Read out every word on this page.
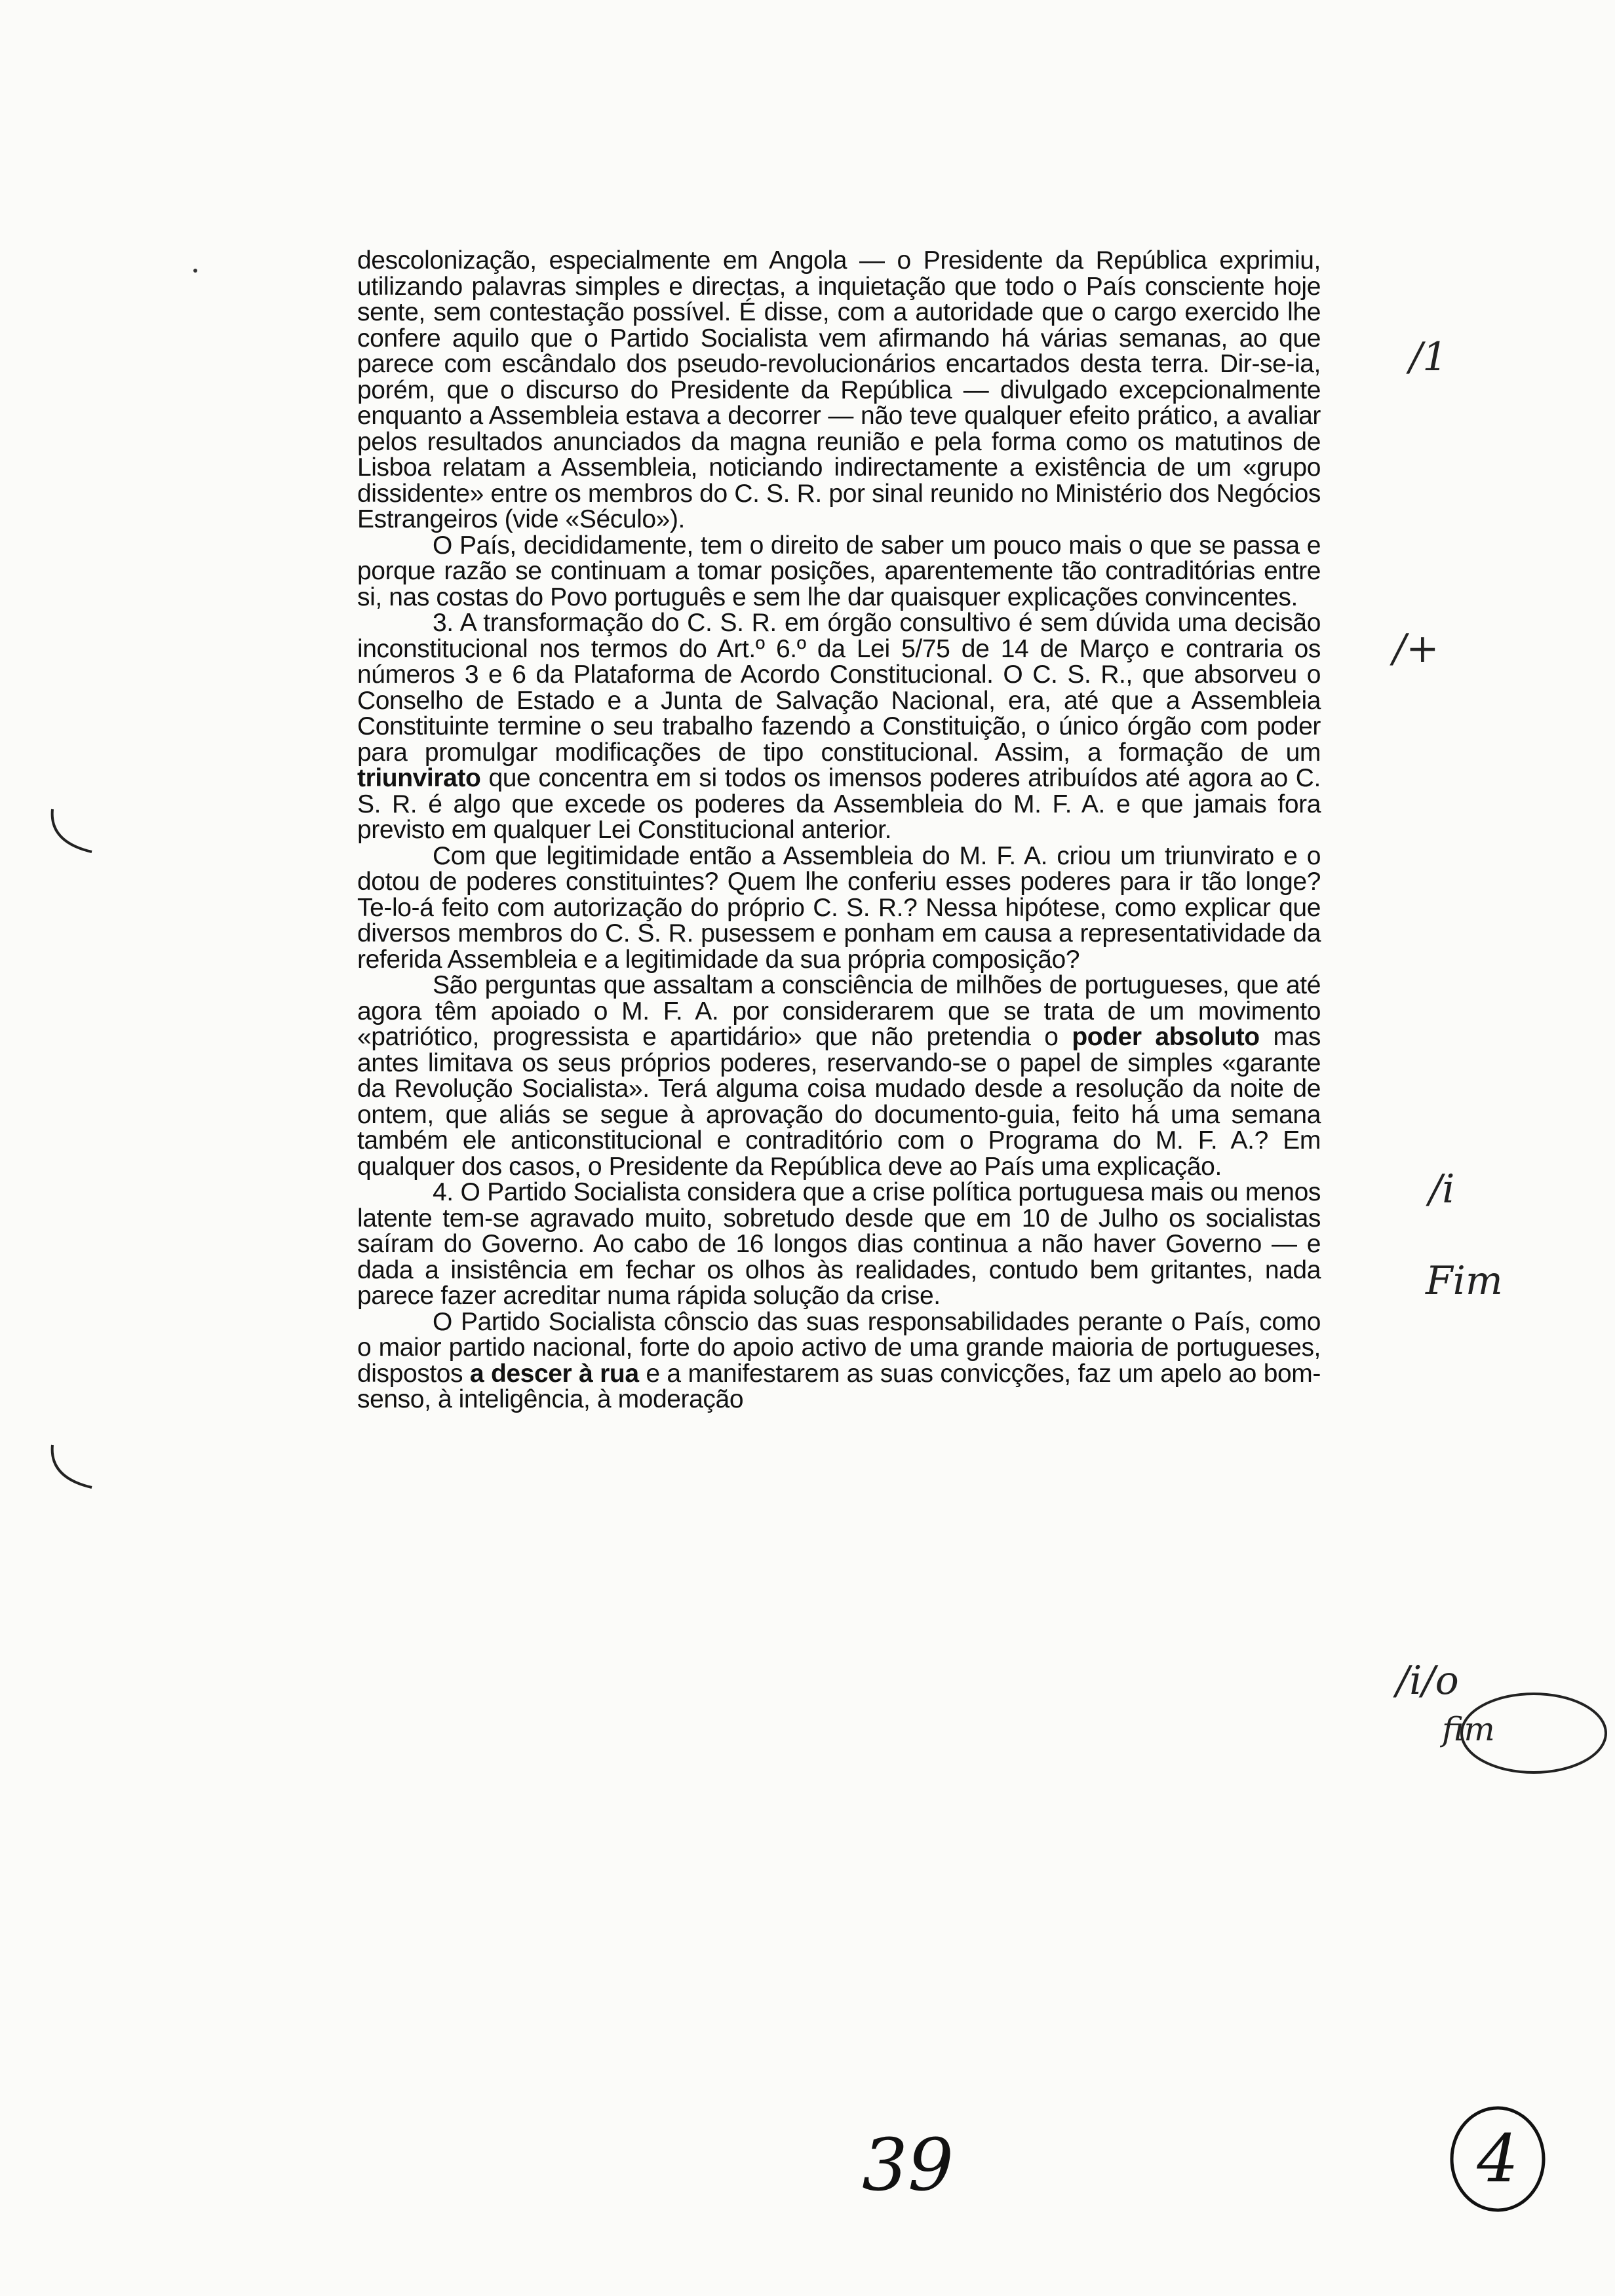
descolonização, especialmente em Angola — o Presidente da República exprimiu, utilizando palavras simples e directas, a inquietação que todo o País consciente hoje sente, sem contestação possível. É disse, com a autoridade que o cargo exercido lhe confere aquilo que o Partido Socialista vem afirmando há várias semanas, ao que parece com escândalo dos pseudo-revolucionários encartados desta terra. Dir-se-ia, porém, que o discurso do Presidente da República — divulgado excepcionalmente enquanto a Assembleia estava a decorrer — não teve qualquer efeito prático, a avaliar pelos resultados anunciados da magna reunião e pela forma como os matutinos de Lisboa relatam a Assembleia, noticiando indirectamente a existência de um «grupo dissidente» entre os membros do C. S. R. por sinal reunido no Ministério dos Negócios Estrangeiros (vide «Século»).

O País, decididamente, tem o direito de saber um pouco mais o que se passa e porque razão se continuam a tomar posições, aparentemente tão contraditórias entre si, nas costas do Povo português e sem lhe dar quaisquer explicações convincentes.

3. A transformação do C. S. R. em órgão consultivo é sem dúvida uma decisão inconstitucional nos termos do Art.º 6.º da Lei 5/75 de 14 de Março e contraria os números 3 e 6 da Plataforma de Acordo Constitucional. O C. S. R., que absorveu o Conselho de Estado e a Junta de Salvação Nacional, era, até que a Assembleia Constituinte termine o seu trabalho fazendo a Constituição, o único órgão com poder para promulgar modificações de tipo constitucional. Assim, a formação de um triunvirato que concentra em si todos os imensos poderes atribuídos até agora ao C. S. R. é algo que excede os poderes da Assembleia do M. F. A. e que jamais fora previsto em qualquer Lei Constitucional anterior.

Com que legitimidade então a Assembleia do M. F. A. criou um triunvirato e o dotou de poderes constituintes? Quem lhe conferiu esses poderes para ir tão longe? Te-lo-á feito com autorização do próprio C. S. R.? Nessa hipótese, como explicar que diversos membros do C. S. R. pusessem e ponham em causa a representatividade da referida Assembleia e a legitimidade da sua própria composição?

São perguntas que assaltam a consciência de milhões de portugueses, que até agora têm apoiado o M. F. A. por considerarem que se trata de um movimento «patriótico, progressista e apartidário» que não pretendia o poder absoluto mas antes limitava os seus próprios poderes, reservando-se o papel de simples «garante da Revolução Socialista». Terá alguma coisa mudado desde a resolução da noite de ontem, que aliás se segue à aprovação do documento-guia, feito há uma semana também ele anticonstitucional e contraditório com o Programa do M. F. A.? Em qualquer dos casos, o Presidente da República deve ao País uma explicação.

4. O Partido Socialista considera que a crise política portuguesa mais ou menos latente tem-se agravado muito, sobretudo desde que em 10 de Julho os socialistas saíram do Governo. Ao cabo de 16 longos dias continua a não haver Governo — e dada a insistência em fechar os olhos às realidades, contudo bem gritantes, nada parece fazer acreditar numa rápida solução da crise.

O Partido Socialista cônscio das suas responsabilidades perante o País, como o maior partido nacional, forte do apoio activo de uma grande maioria de portugueses, dispostos a descer à rua e a manifestarem as suas convicções, faz um apelo ao bom-senso, à inteligência, à moderação

/1
/+
/i
Fim
/i/o
fim
39	4
